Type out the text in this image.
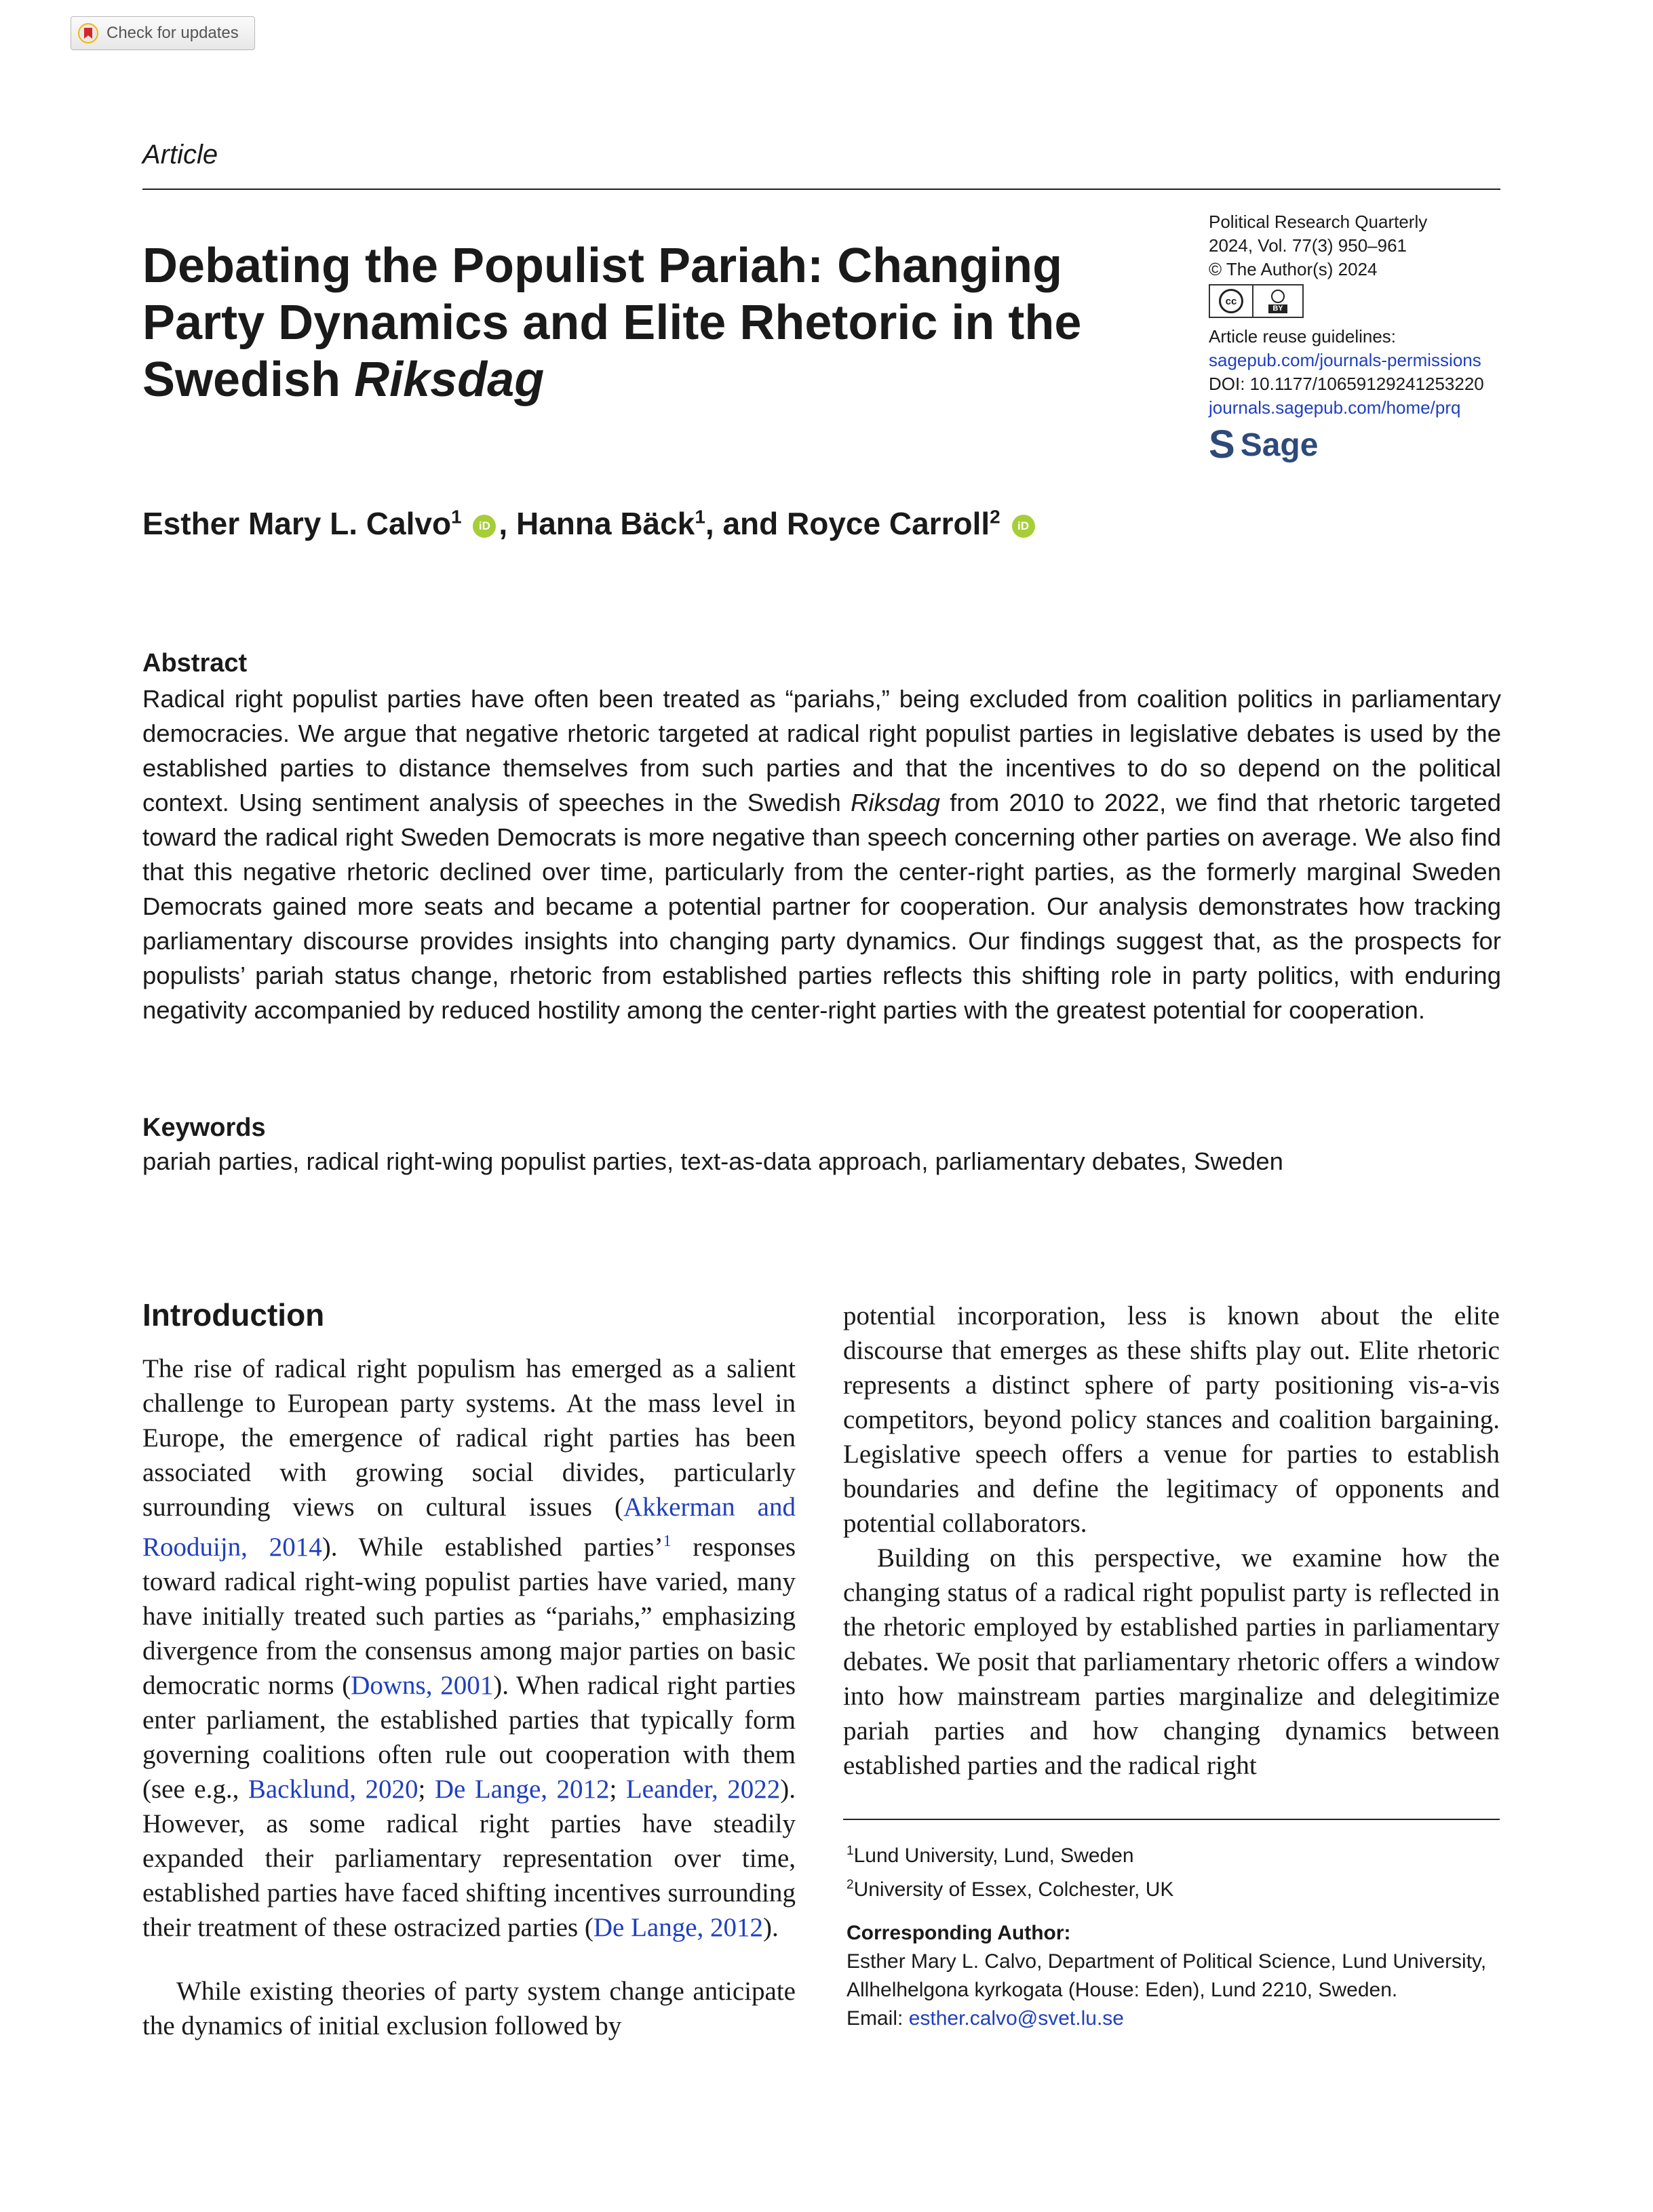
Check for updates
Article
Debating the Populist Pariah: Changing Party Dynamics and Elite Rhetoric in the Swedish Riksdag
Political Research Quarterly
2024, Vol. 77(3) 950–961
© The Author(s) 2024
cc
BY
Article reuse guidelines:
sagepub.com/journals-permissions
DOI: 10.1177/10659129241253220
journals.sagepub.com/home/prq
S Sage
Esther Mary L. Calvo$^1$ iD , Hanna Bäck$^1$, and Royce Carroll$^2$ iD
Abstract

Radical right populist parties have often been treated as “pariahs,” being excluded from coalition politics in parliamentary democracies. We argue that negative rhetoric targeted at radical right populist parties in legislative debates is used by the established parties to distance themselves from such parties and that the incentives to do so depend on the political context. Using sentiment analysis of speeches in the Swedish Riksdag from 2010 to 2022, we find that rhetoric targeted toward the radical right Sweden Democrats is more negative than speech concerning other parties on average. We also find that this negative rhetoric declined over time, particularly from the center-right parties, as the formerly marginal Sweden Democrats gained more seats and became a potential partner for cooperation. Our analysis demonstrates how tracking parliamentary discourse provides insights into changing party dynamics. Our findings suggest that, as the prospects for populists’ pariah status change, rhetoric from established parties reflects this shifting role in party politics, with enduring negativity accompanied by reduced hostility among the center-right parties with the greatest potential for cooperation.

Keywords
pariah parties, radical right-wing populist parties, text-as-data approach, parliamentary debates, Sweden
Introduction

The rise of radical right populism has emerged as a salient challenge to European party systems. At the mass level in Europe, the emergence of radical right parties has been associated with growing social divides, particularly surrounding views on cultural issues (Akkerman and Rooduijn, 2014). While established parties’$^1$ responses toward radical right-wing populist parties have varied, many have initially treated such parties as “pariahs,” emphasizing divergence from the consensus among major parties on basic democratic norms (Downs, 2001). When radical right parties enter parliament, the established parties that typically form governing coalitions often rule out cooperation with them (see e.g., Backlund, 2020; De Lange, 2012; Leander, 2022). However, as some radical right parties have steadily expanded their parliamentary representation over time, established parties have faced shifting incentives surrounding their treatment of these ostracized parties (De Lange, 2012).

While existing theories of party system change anticipate the dynamics of initial exclusion followed by

potential incorporation, less is known about the elite discourse that emerges as these shifts play out. Elite rhetoric represents a distinct sphere of party positioning vis-a-vis competitors, beyond policy stances and coalition bargaining. Legislative speech offers a venue for parties to establish boundaries and define the legitimacy of opponents and potential collaborators.

Building on this perspective, we examine how the changing status of a radical right populist party is reflected in the rhetoric employed by established parties in parliamentary debates. We posit that parliamentary rhetoric offers a window into how mainstream parties marginalize and delegitimize pariah parties and how changing dynamics between established parties and the radical right

$^1$Lund University, Lund, Sweden
$^2$University of Essex, Colchester, UK
Corresponding Author:
Esther Mary L. Calvo, Department of Political Science, Lund University,
Allhelhelgona kyrkogata (House: Eden), Lund 2210, Sweden.
Email: esther.calvo@svet.lu.se
